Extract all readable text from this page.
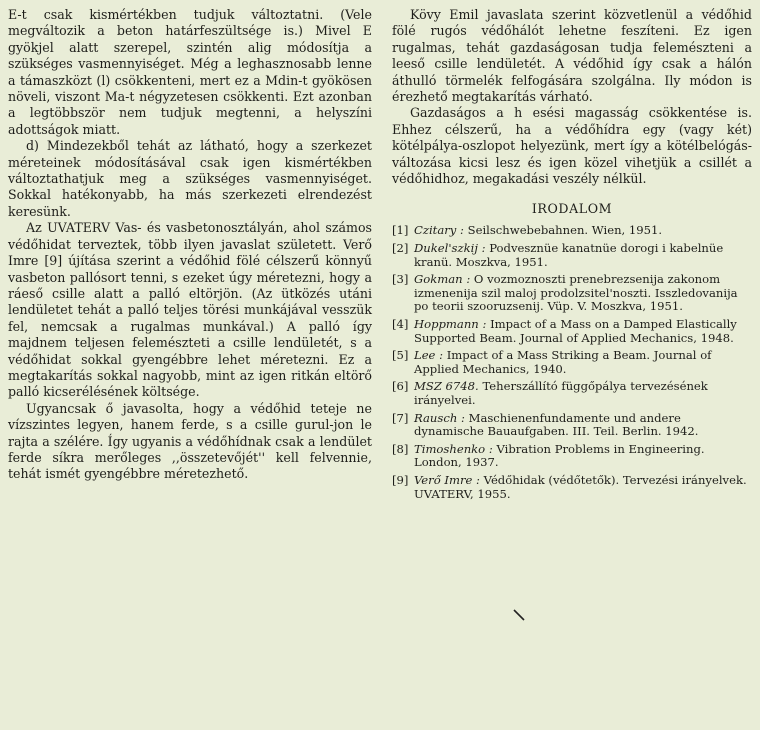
E-t csak kismértékben tudjuk változtatni. (Vele megváltozik a beton határfeszültsége is.) Mivel E gyökjel alatt szerepel, szintén alig módosítja a szükséges vasmennyiséget. Még a leghasznosabb lenne a támaszközt (l) csökkenteni, mert ez a Mdin-t gyökösen növeli, viszont Ma-t négyzetesen csökkenti. Ezt azonban a legtöbbször nem tudjuk megtenni, a helyszíni adottságok miatt.

d) Mindezekből tehát az látható, hogy a szerkezet méreteinek módosításával csak igen kismértékben változtathatjuk meg a szükséges vasmennyiséget. Sokkal hatékonyabb, ha más szerkezeti elrendezést keresünk.

Az UVATERV Vas- és vasbetonosztályán, ahol számos védőhidat terveztek, több ilyen javaslat született. Verő Imre [9] újítása szerint a védőhid fölé célszerű könnyű vasbeton pallósort tenni, s ezeket úgy méretezni, hogy a ráeső csille alatt a palló eltörjön. (Az ütközés utáni lendületet tehát a palló teljes törési munkájával vesszük fel, nemcsak a rugalmas munkával.) A palló így majdnem teljesen felemészteti a csille lendületét, s a védőhidat sokkal gyengébbre lehet méretezni. Ez a megtakarítás sokkal nagyobb, mint az igen ritkán eltörő palló kicserélésének költsége.

Ugyancsak ő javasolta, hogy a védőhid teteje ne vízszintes legyen, hanem ferde, s a csille gurul-jon le rajta a szélére. Így ugyanis a védőhídnak csak a lendület ferde síkra merőleges ,,összetevőjét'' kell felvennie, tehát ismét gyengébbre méretezhető.

Kövy Emil javaslata szerint közvetlenül a védőhid fölé rugós védőhálót lehetne feszíteni. Ez igen rugalmas, tehát gazdaságosan tudja felemészteni a leeső csille lendületét. A védőhid így csak a hálón áthulló törmelék felfogására szolgálna. Ily módon is érezhető megtakarítás várható.

Gazdaságos a h esési magasság csökkentése is. Ehhez célszerű, ha a védőhídra egy (vagy két) kötélpálya-oszlopot helyezünk, mert így a kötélbelógás-változása kicsi lesz és igen közel vihetjük a csillét a védőhidhoz, megakadási veszély nélkül.

IRODALOM
[1] Czitary : Seilschwebebahnen. Wien, 1951.
[2] Dukel'szkij : Podvesznüe kanatnüe dorogi i kabelnüe kranü. Moszkva, 1951.
[3] Gokman : O vozmoznoszti prenebrezsenija zakonom izmenenija szil maloj prodolzsitel'noszti. Isszledovanija po teorii szooruzsenij. Vüp. V. Moszkva, 1951.
[4] Hoppmann : Impact of a Mass on a Damped Elastically Supported Beam. Journal of Applied Mechanics, 1948.
[5] Lee : Impact of a Mass Striking a Beam. Journal of Applied Mechanics, 1940.
[6] MSZ 6748. Teherszállító függőpálya tervezésének irányelvei.
[7] Rausch : Maschienenfundamente und andere dynamische Bauaufgaben. III. Teil. Berlin. 1942.
[8] Timoshenko : Vibration Problems in Engineering. London, 1937.
[9] Verő Imre : Védőhidak (védőtetők). Tervezési irányelvek. UVATERV, 1955.
